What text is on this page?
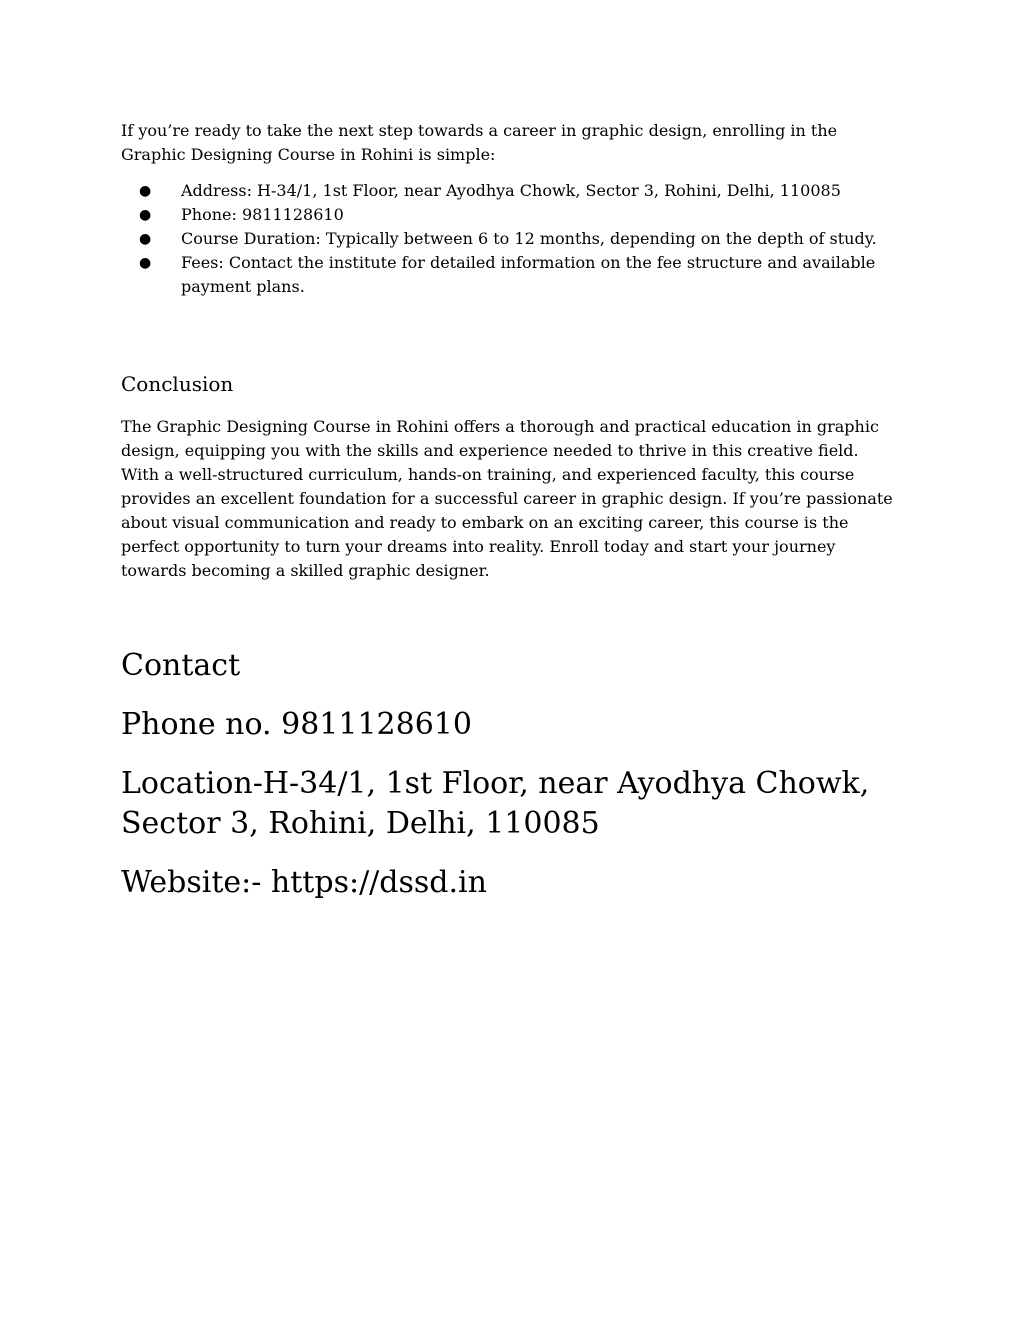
If you’re ready to take the next step towards a career in graphic design, enrolling in the Graphic Designing Course in Rohini is simple:

● Address: H-34/1, 1st Floor, near Ayodhya Chowk, Sector 3, Rohini, Delhi, 110085
● Phone: 9811128610
● Course Duration: Typically between 6 to 12 months, depending on the depth of study.
● Fees: Contact the institute for detailed information on the fee structure and available payment plans.
Conclusion

The Graphic Designing Course in Rohini offers a thorough and practical education in graphic design, equipping you with the skills and experience needed to thrive in this creative field. With a well-structured curriculum, hands-on training, and experienced faculty, this course provides an excellent foundation for a successful career in graphic design. If you’re passionate about visual communication and ready to embark on an exciting career, this course is the perfect opportunity to turn your dreams into reality. Enroll today and start your journey towards becoming a skilled graphic designer.

Contact

Phone no. 9811128610

Location-H-34/1, 1st Floor, near Ayodhya Chowk, Sector 3, Rohini, Delhi, 110085

Website:- https://dssd.in
